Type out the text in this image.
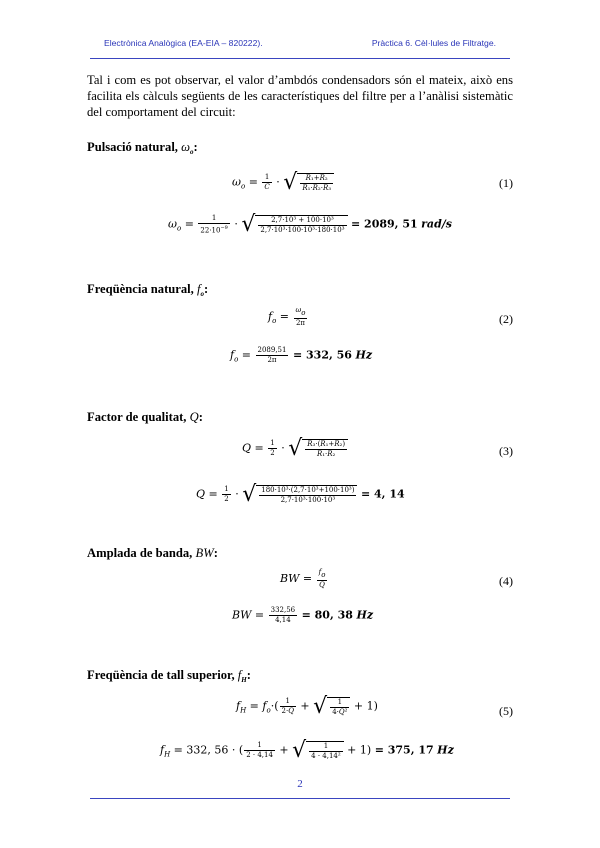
Electrònica Analògica (EA-EIA – 820222).	Pràctica 6. Cèl·lules de Filtratge.
Tal i com es pot observar, el valor d’ambdós condensadors són el mateix, això ens facilita els càlculs següents de les característiques del filtre per a l’anàlisi sistemàtic del comportament del circuit:
Pulsació natural, $\omega_o$:
$\omega_o = \frac{1}{C}$ · √ $\frac{\text{R₁+R₂}}{\text{R₁·R₂·R₃}}$	(1)
$\omega_o = \frac{1}{22\cdot 10^{-9}}$ · √ $\frac{\text{2,7·10³ + 100·10³}}{\text{2,7·10³·100·10³·180·10³}} = 2089$, 51 rad/s
Freqüència natural, $f_o$:
$f_o = \frac{\omega o}{2\pi}$	(2)
$f_o = \frac{2089,51}{2\pi} = 332$, 56 Hz
Factor de qualitat, Q:
$Q = \frac{1}{2}$ · √ $\frac{\text{R₃·(R₁+R₂)}}{\text{R₁·R₂}}$	(3)
$Q = \frac{1}{2}$ · √ $\frac{\text{180·10³·(2,7·10³+100·10³)}}{\text{2,7·10³·100·10³}} = 4$, 14
Amplada de banda, BW:
BW = $\frac{fo}{Q}$	(4)
BW = $\frac{332,56}{4,14} = 80$, 38 Hz
Freqüència de tall superior, $f_H$:
$f_H = f_o\cdot( \frac{1}{2\cdot Q}$ + √ $\frac{1}{\text{4·Q²}} + 1$)	(5)
$f_H = 332$, 56 · ( $\frac{1}{2 \cdot 4,14}$ + √ $\frac{1}{\text{4 · 4,14²}} + 1) = 375$, 17 Hz
2
